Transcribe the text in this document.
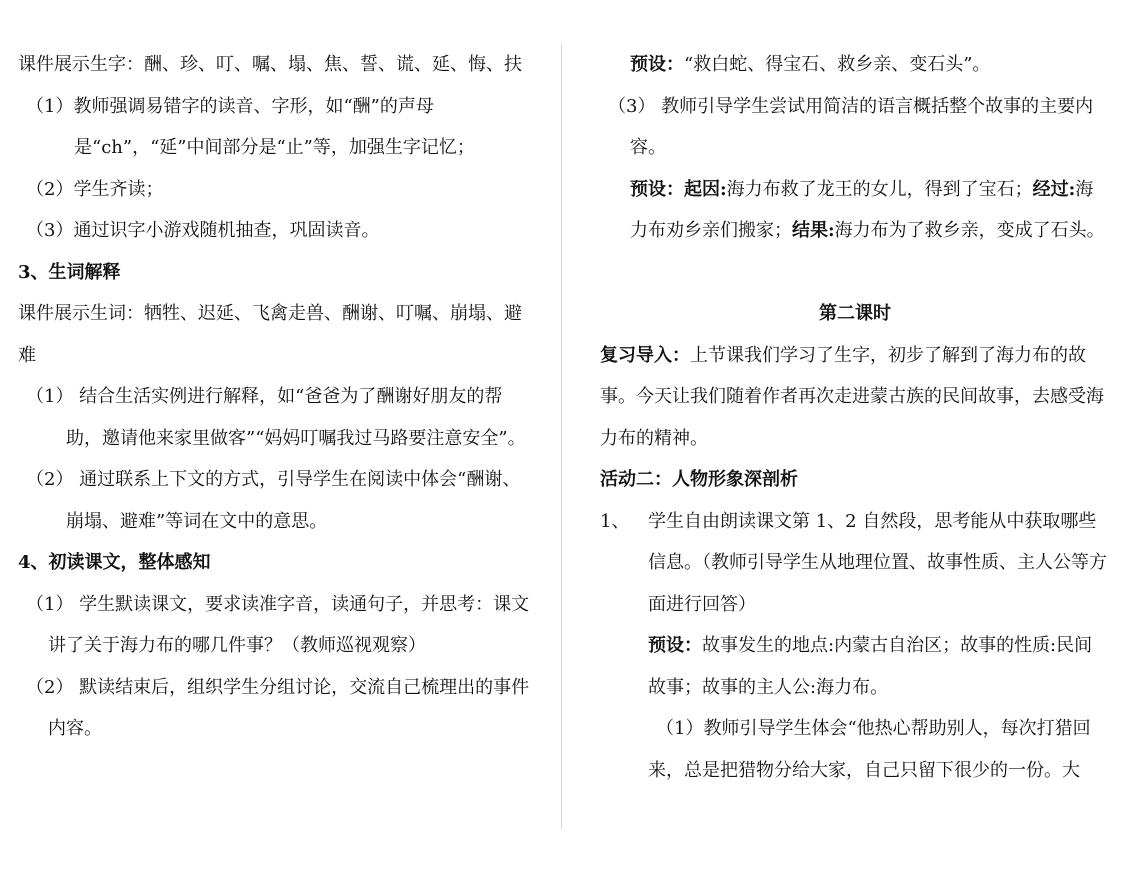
课件展示生字：酬、珍、叮、嘱、塌、焦、誓、谎、延、悔、扶

（1）教师强调易错字的读音、字形，如“酬”的声母是“ch”，“延”中间部分是“止”等，加强生字记忆；

（2）学生齐读；

（3）通过识字小游戏随机抽查，巩固读音。

3、生词解释

课件展示生词：牺牲、迟延、飞禽走兽、酬谢、叮嘱、崩塌、避难

（1） 结合生活实例进行解释，如“爸爸为了酬谢好朋友的帮助，邀请他来家里做客”“妈妈叮嘱我过马路要注意安全”。

（2） 通过联系上下文的方式，引导学生在阅读中体会“酬谢、崩塌、避难”等词在文中的意思。

4、初读课文，整体感知

（1） 学生默读课文，要求读准字音，读通句子，并思考：课文讲了关于海力布的哪几件事？（教师巡视观察）

（2） 默读结束后，组织学生分组讨论，交流自己梳理出的事件内容。

预设：“救白蛇、得宝石、救乡亲、变石头”。

（3） 教师引导学生尝试用简洁的语言概括整个故事的主要内容。

预设：起因:海力布救了龙王的女儿，得到了宝石；经过:海力布劝乡亲们搬家；结果:海力布为了救乡亲，变成了石头。

第二课时

复习导入：上节课我们学习了生字，初步了解到了海力布的故事。今天让我们随着作者再次走进蒙古族的民间故事，去感受海力布的精神。

活动二：人物形象深剖析

1、 学生自由朗读课文第 1、2 自然段，思考能从中获取哪些信息。（教师引导学生从地理位置、故事性质、主人公等方面进行回答）

预设：故事发生的地点:内蒙古自治区；故事的性质:民间故事；故事的主人公:海力布。

（1）教师引导学生体会“他热心帮助别人，每次打猎回来，总是把猎物分给大家，自己只留下很少的一份。大
